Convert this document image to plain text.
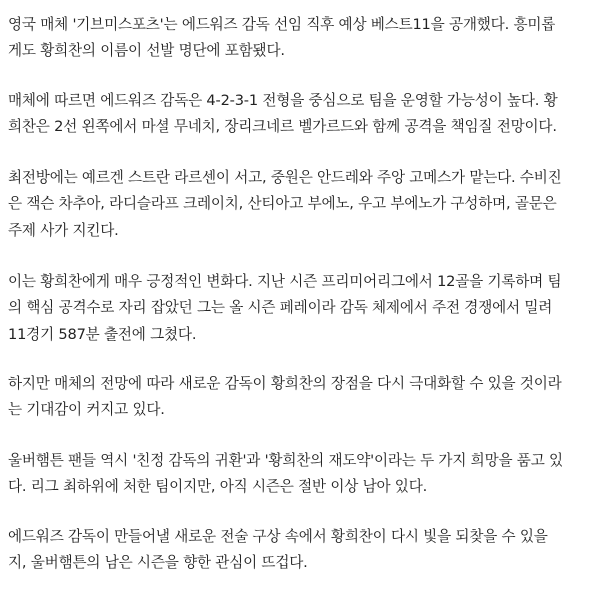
영국 매체 '기브미스포츠'는 에드워즈 감독 선임 직후 예상 베스트11을 공개했다. 흥미롭
게도 황희찬의 이름이 선발 명단에 포함됐다.

매체에 따르면 에드워즈 감독은 4-2-3-1 전형을 중심으로 팀을 운영할 가능성이 높다. 황
희찬은 2선 왼쪽에서 마셜 무네치, 장리크네르 벨가르드와 함께 공격을 책임질 전망이다.

최전방에는 예르겐 스트란 라르센이 서고, 중원은 안드레와 주앙 고메스가 맡는다. 수비진
은 잭슨 차추아, 라디슬라프 크레이치, 산티아고 부에노, 우고 부에노가 구성하며, 골문은
주제 사가 지킨다.

이는 황희찬에게 매우 긍정적인 변화다. 지난 시즌 프리미어리그에서 12골을 기록하며 팀
의 핵심 공격수로 자리 잡았던 그는 올 시즌 페레이라 감독 체제에서 주전 경쟁에서 밀려
11경기 587분 출전에 그쳤다.

하지만 매체의 전망에 따라 새로운 감독이 황희찬의 장점을 다시 극대화할 수 있을 것이라
는 기대감이 커지고 있다.

울버햄튼 팬들 역시 '친정 감독의 귀환'과 '황희찬의 재도약'이라는 두 가지 희망을 품고 있
다. 리그 최하위에 처한 팀이지만, 아직 시즌은 절반 이상 남아 있다.

에드워즈 감독이 만들어낼 새로운 전술 구상 속에서 황희찬이 다시 빛을 되찾을 수 있을
지, 울버햄튼의 남은 시즌을 향한 관심이 뜨겁다.
